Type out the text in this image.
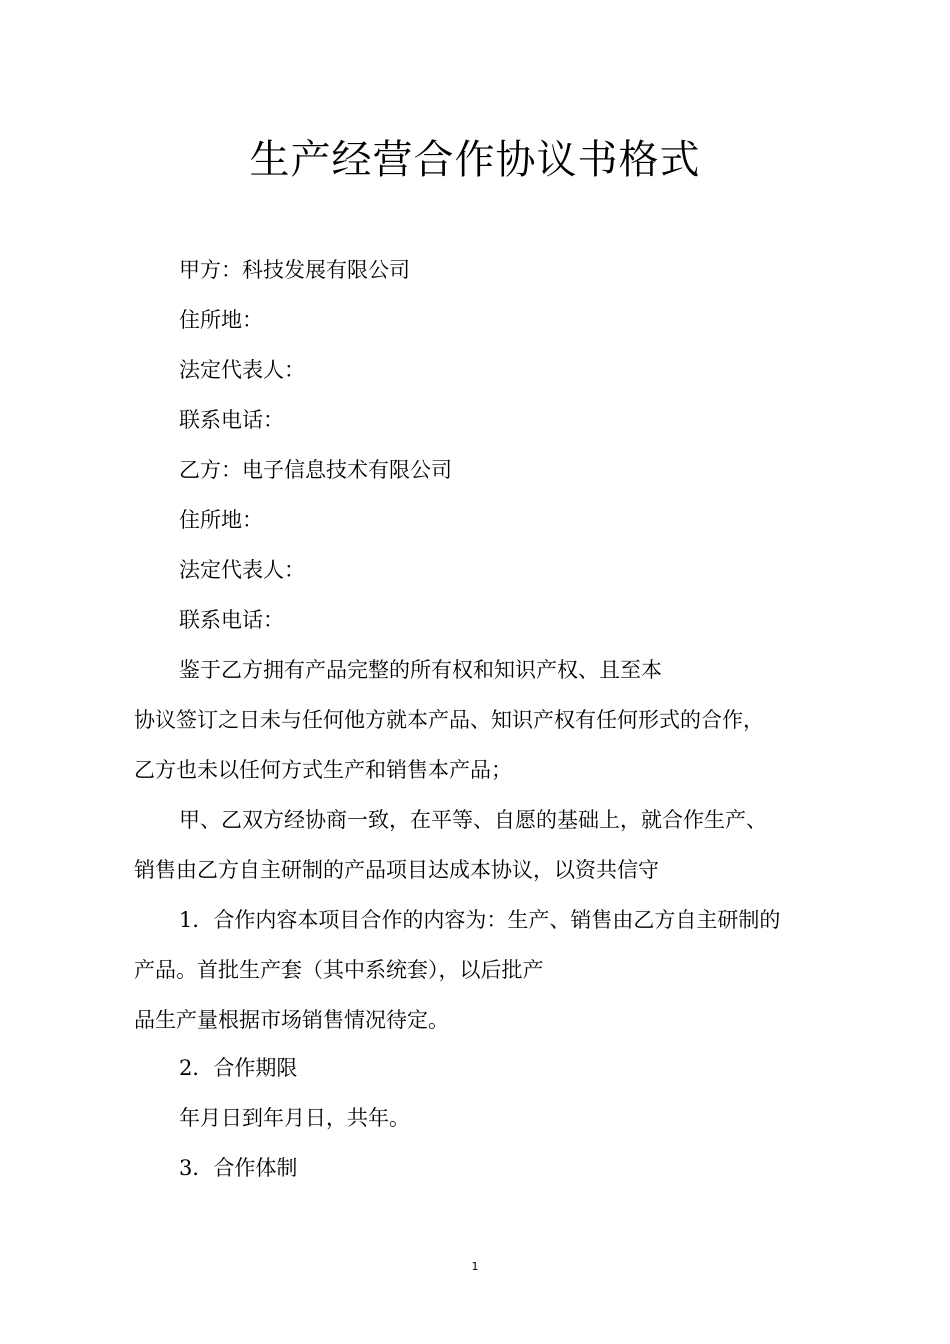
生产经营合作协议书格式
甲方：科技发展有限公司
住所地：
法定代表人：
联系电话：
乙方：电子信息技术有限公司
住所地：
法定代表人：
联系电话：
鉴于乙方拥有产品完整的所有权和知识产权、且至本
协议签订之日未与任何他方就本产品、知识产权有任何形式的合作，
乙方也未以任何方式生产和销售本产品；
甲、乙双方经协商一致，在平等、自愿的基础上，就合作生产、
销售由乙方自主研制的产品项目达成本协议，以资共信守
1．合作内容本项目合作的内容为：生产、销售由乙方自主研制的
产品。首批生产套（其中系统套），以后批产
品生产量根据市场销售情况待定。
2．合作期限
年月日到年月日，共年。
3．合作体制
1
